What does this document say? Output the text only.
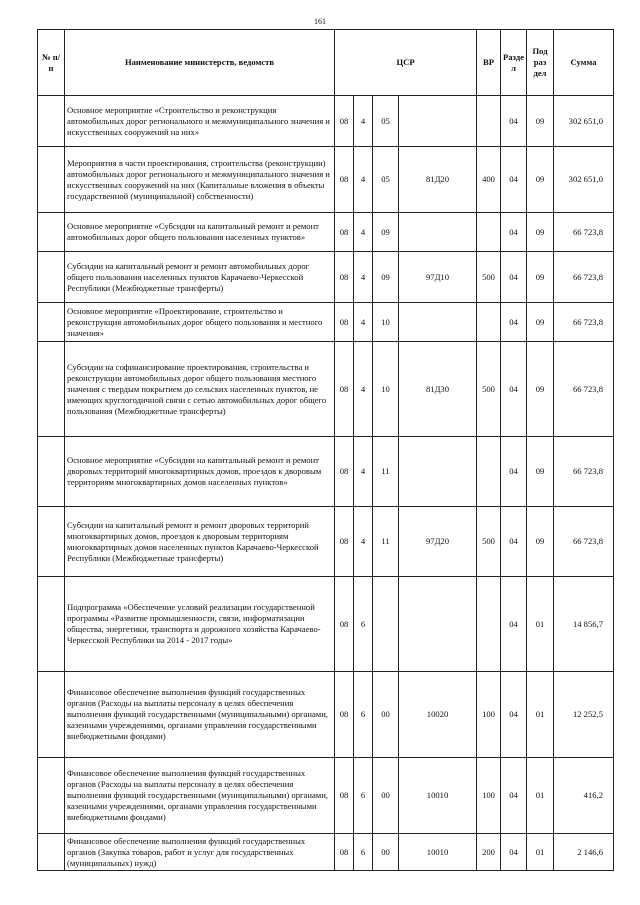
161
№ п/п	Наименование министерств, ведомств	ЦСР				ВР	Разде л	Под раз дел	Сумма
	Основное мероприятие «Строительство и реконструкция автомобильных дорог регионального и межмуниципального значения и искусственных сооружений на них»	08	4	05			04	09	302 651,0
	Мероприятия в части проектирования, строительства (реконструкции) автомобильных дорог регионального и межмуниципального значения и искусственных сооружений на них (Капитальные вложения в объекты государственной (муниципальной) собственности)	08	4	05	81Д20	400	04	09	302 651,0
	Основное мероприятие «Субсидии на капитальный ремонт и ремонт автомобильных дорог общего пользования населенных пунктов»	08	4	09			04	09	66 723,8
	Субсидии на капитальный ремонт и ремонт автомобильных дорог общего пользования населенных пунктов Карачаево-Черкесской Республики (Межбюджетные трансферты)	08	4	09	97Д10	500	04	09	66 723,8
	Основное мероприятие «Проектирование, строительство и реконструкция автомобильных дорог общего пользования и местного значения»	08	4	10			04	09	66 723,8
	Субсидии на софинансирование проектирования, строительства и реконструкции автомобильных дорог общего пользования местного значения с твердым покрытием до сельских населенных пунктов, не имеющих круглогодичной связи с сетью автомобильных дорог общего пользования (Межбюджетные трансферты)	08	4	10	81Д30	500	04	09	66 723,8
	Основное мероприятие «Субсидии на капитальный ремонт и ремонт дворовых территорий многоквартирных домов, проездов к дворовым территориям многоквартирных домов населенных пунктов»	08	4	11			04	09	66 723,8
	Субсидии на капитальный ремонт и ремонт дворовых территорий многоквартирных домов, проездов к дворовым территориям многоквартирных домов населенных пунктов Карачаево-Черкесской Республики (Межбюджетные трансферты)	08	4	11	97Д20	500	04	09	66 723,8
	Подпрограмма «Обеспечение условий реализации государственной программы «Развитие промышленности, связи, информатизации общества, энергетики, транспорта и дорожного хозяйства Карачаево-Черкесской Республики на 2014 - 2017 годы»	08	6				04	01	14 856,7
	Финансовое обеспечение выполнения функций государственных органов (Расходы на выплаты персоналу в целях обеспечения выполнения функций государственными (муниципальными) органами, казенными учреждениями, органами управления государственными внебюджетными фондами)	08	6	00	10020	100	04	01	12 252,5
	Финансовое обеспечение выполнения функций государственных органов (Расходы на выплаты персоналу в целях обеспечения выполнения функций государственными (муниципальными) органами, казенными учреждениями, органами управления государственными внебюджетными фондами)	08	6	00	10010	100	04	01	416,2
	Финансовое обеспечение выполнения функций государственных органов (Закупка товаров, работ и услуг для государственных (муниципальных) нужд)	08	6	00	10010	200	04	01	2 146,6
